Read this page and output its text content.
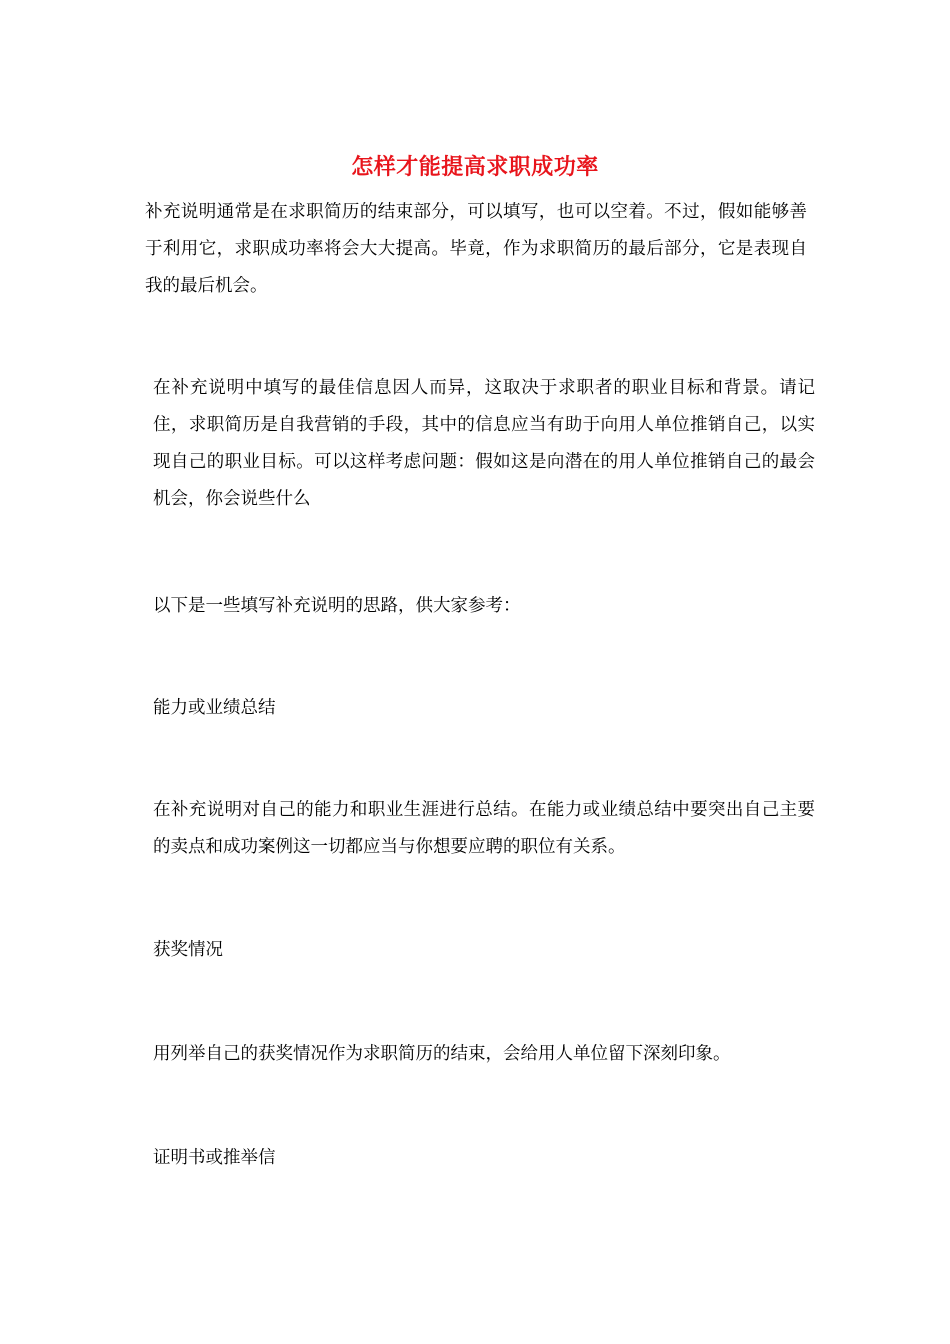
怎样才能提高求职成功率

补充说明通常是在求职简历的结束部分，可以填写，也可以空着。不过，假如能够善于利用它，求职成功率将会大大提高。毕竟，作为求职简历的最后部分，它是表现自我的最后机会。

在补充说明中填写的最佳信息因人而异，这取决于求职者的职业目标和背景。请记住，求职简历是自我营销的手段，其中的信息应当有助于向用人单位推销自己，以实现自己的职业目标。可以这样考虑问题：假如这是向潜在的用人单位推销自己的最会机会，你会说些什么

以下是一些填写补充说明的思路，供大家参考：

能力或业绩总结

在补充说明对自己的能力和职业生涯进行总结。在能力或业绩总结中要突出自己主要的卖点和成功案例这一切都应当与你想要应聘的职位有关系。

获奖情况

用列举自己的获奖情况作为求职简历的结束，会给用人单位留下深刻印象。

证明书或推举信
